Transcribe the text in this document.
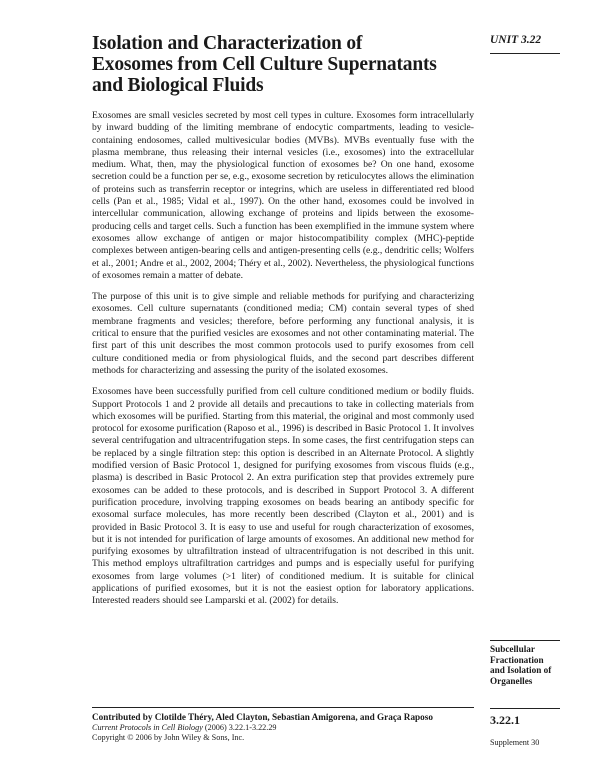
Isolation and Characterization of
Exosomes from Cell Culture Supernatants
and Biological Fluids

UNIT 3.22

Exosomes are small vesicles secreted by most cell types in culture. Exosomes form intracellularly by inward budding of the limiting membrane of endocytic compartments, leading to vesicle-containing endosomes, called multivesicular bodies (MVBs). MVBs eventually fuse with the plasma membrane, thus releasing their internal vesicles (i.e., exosomes) into the extracellular medium. What, then, may the physiological function of exosomes be? On one hand, exosome secretion could be a function per se, e.g., exosome secretion by reticulocytes allows the elimination of proteins such as transferrin receptor or integrins, which are useless in differentiated red blood cells (Pan et al., 1985; Vidal et al., 1997). On the other hand, exosomes could be involved in intercellular communication, allowing exchange of proteins and lipids between the exosome-producing cells and target cells. Such a function has been exemplified in the immune system where exosomes allow exchange of antigen or major histocompatibility complex (MHC)-peptide complexes between antigen-bearing cells and antigen-presenting cells (e.g., dendritic cells; Wolfers et al., 2001; Andre et al., 2002, 2004; Théry et al., 2002). Nevertheless, the physiological functions of exosomes remain a matter of debate.

The purpose of this unit is to give simple and reliable methods for purifying and characterizing exosomes. Cell culture supernatants (conditioned media; CM) contain several types of shed membrane fragments and vesicles; therefore, before performing any functional analysis, it is critical to ensure that the purified vesicles are exosomes and not other contaminating material. The first part of this unit describes the most common protocols used to purify exosomes from cell culture conditioned media or from physiological fluids, and the second part describes different methods for characterizing and assessing the purity of the isolated exosomes.

Exosomes have been successfully purified from cell culture conditioned medium or bodily fluids. Support Protocols 1 and 2 provide all details and precautions to take in collecting materials from which exosomes will be purified. Starting from this material, the original and most commonly used protocol for exosome purification (Raposo et al., 1996) is described in Basic Protocol 1. It involves several centrifugation and ultracentrifugation steps. In some cases, the first centrifugation steps can be replaced by a single filtration step: this option is described in an Alternate Protocol. A slightly modified version of Basic Protocol 1, designed for purifying exosomes from viscous fluids (e.g., plasma) is described in Basic Protocol 2. An extra purification step that provides extremely pure exosomes can be added to these protocols, and is described in Support Protocol 3. A different purification procedure, involving trapping exosomes on beads bearing an antibody specific for exosomal surface molecules, has more recently been described (Clayton et al., 2001) and is provided in Basic Protocol 3. It is easy to use and useful for rough characterization of exosomes, but it is not intended for purification of large amounts of exosomes. An additional new method for purifying exosomes by ultrafiltration instead of ultracentrifugation is not described in this unit. This method employs ultrafiltration cartridges and pumps and is especially useful for purifying exosomes from large volumes (>1 liter) of conditioned medium. It is suitable for clinical applications of purified exosomes, but it is not the easiest option for laboratory applications. Interested readers should see Lamparski et al. (2002) for details.

Subcellular
Fractionation
and Isolation of
Organelles

3.22.1

Supplement 30

Contributed by Clotilde Théry, Aled Clayton, Sebastian Amigorena, and Graça Raposo

Current Protocols in Cell Biology (2006) 3.22.1-3.22.29

Copyright © 2006 by John Wiley & Sons, Inc.
